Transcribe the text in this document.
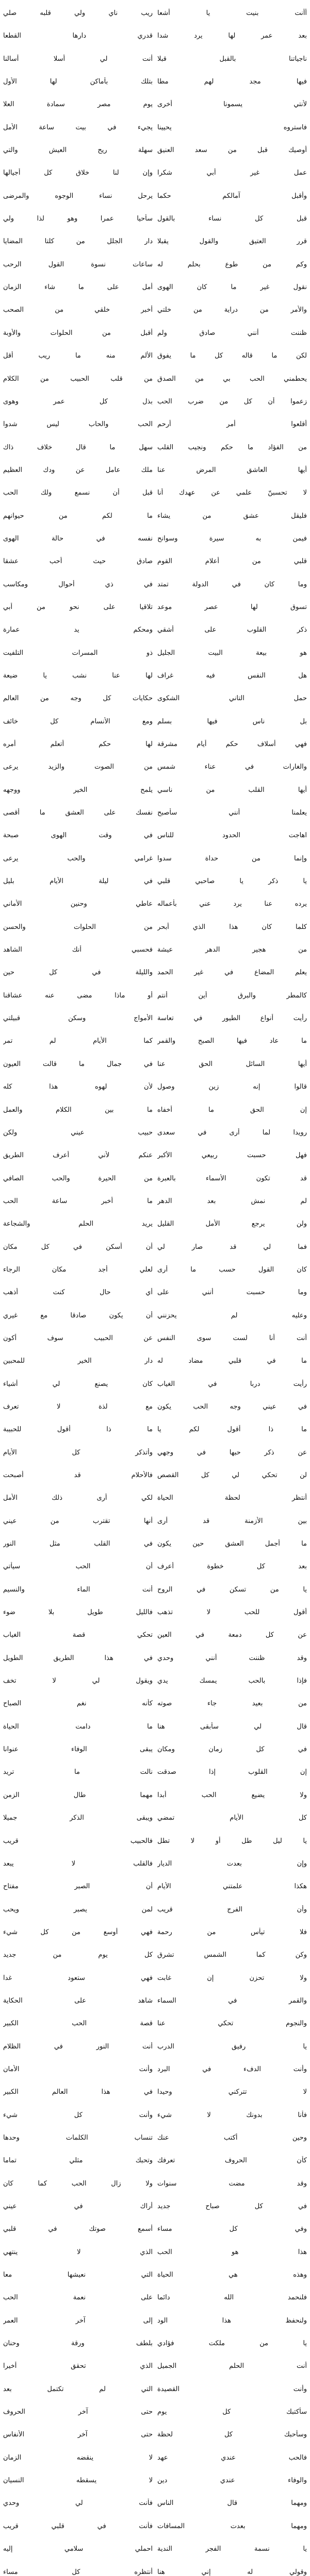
أأنت بنيت يا أشعا
ريب ناي ولي قلبه صلي
بعد عمر لها يرد شدا
قدري دارها القطعا
ناجياتنا بالقبل قبلا
أنت لي أسلا أسالنا
فيها مجد لهم مطا
بتلك بأماكن لها الأول
لأنتي يسمونا أخرى
يوم مصر سمادة العلا
فاستروه يحيينا
يجيء في بيت ساعة الأمل
أوصيك قبل من سعد العنيق
سهلة ريح العيش والتي
عمل غير أبي شكرا
وإن لنا خلاق كل أجيالها
وأقبل آمالكم حكما
يرحل نساء الوجوه والمرضى
قبل كل نساء بالقول
سأحيا عمرا وهو لذا ولي
قرر العتيق والقول يقبلا
دار الجلل من كلتا المضايا
وكم من طوع بحلم له
ساعات نسوة القول الرحب
نقول غير ما كان الهوى
أمل على ما شاء الزمان
والأمر من دراية من خلتي
أخبر خلقي من الصحب
ظننت أنني صادق ولم
أقبل من الحلوات والأوبة
لكن ما قاله كل ما يفوق
الألم منه ما ريب أقل
يحطمني الحب بي من الصدق
من قلب الحبيب من الكلام
زعموا أن كل من ضرب الحب
بذل كل عمر وهوى
أقلعوا أمر أرحم
الحب والحاب ليس شدوا
من الفؤاد ما حكم ونجيب القلب
سهل ما قال خلاف ذاك
أيها العاشق المرض عنا
ملك عامل عن ودك العظيم
لا تحسبنّ علمي عن عهدك أنا
قبل أن نسمع ولك الحب
فليقل عشق من يشاء
ما لكم من حيوانهم
فيمن به سيرة وسوانح
نفسه في حالة الهوى
قلبي من أعلام القوم
صادق حيث أحب عشقا
وما كان في الدولة تمتد
في ذي أحوال ومكاسب
تسوق لها عصر موعد
تلاقيا على نحو من أبي
ذكر القلوب على أشقي
ومحكم يد عمارة
هو بيعة البيت الجليل
ذو المسرات التلفيت
هل النفس فيه غراف
لها عنا نشب يا ضيعة
حمل التاني الشكوى
حكايات كل وجه من العالم
بل ناس فيها بسلم
ومع الأنسام كل خائف
فهي أسلاف حكم أيام مشرقة
لها حكم أتعلم أمره
والغارات في عناء شمس
من الصوت والزيد يرعى
أيها القلب من ناسي
يلمح الخير ووجهه
يعلمنا أنني سأصبح
نفسك على العشق ما أقصى
اهاجت الحدود للناس
في وقت الهوى صبحة
وإنما من حداة سدوا
غرامي والحب يرعى
يا ذكر يا صاحبي قلبي
في ليلة الأيام بليل
يرده عنا يرد عني بأعماله
عاطي وحنين الأماني
كلما كان هذا الذي أبحر
من الحلوات والحسن
من هجير الدهر عيشة
فحسبي أنك الشاهد
يعلم المضاع في غير الحمد
والليلة في كل حين
كالمطر والبرق أين أنتم
أو ماذا مضى عنه عشاقنا
رأيت أنواع الطيور في تعاسة
الأمواج وسكن قبيلتي
ما عاد فيها الصبح والقمر
كما الأيام لم تمر
أيها السائل الحق عنا
في جمال ما قالت العيون
قالوا إنه زين وصول
لأن لهوه هذا كله
إن الحق ما أخفاه
ما بين الكلام والعمل
رويدا لما أرى في سعدى
حبيب عيني ولكن
فهل حسبت ربيعي الأكبر
عنكم لأني أعرف الطريق
قد تكون الأسماء بالعبرة
من الحيرة والحب الصافي
لم نمش بعد الدهر
ما أخبر ساعة الحب
ولن يرجع الأمل القليل
يريد الحلم والشجاعة
فما لي قد صار لي
أن أسكن في كل مكان
كان القول حسب ما أرى
لعلي أجد مكان الرجاء
وما حسبت أنني على
أي حال كنت أذهب
وعليه لم يحزنني
أن يكون صادقا مع غيري
أنت أنا لست سوى النفس
عن الحبيب سوف أكون
ما في قلبي مضاد له
دار الخير للمحبين
رأيت دربا في الغياب
كان يصنع لي أشياء
في عيني وجه الحب يكون
مع لذة لا تعرف
ما ذا أقول لكم يا
ما ذا أقول للحبيبة
عن ذكر حبها في وجهي
وأتذكر كل الأيام
لن تحكي لي كل القصص
فالأحلام قد أصبحت
أنتظر لحظة الحياة
لكي أرى ذلك الأمل
بين الأزمنة قد أرى
أنها تقترب من عيني
ما أجمل العشق حين يكون
في القلب مثل النور
بعد كل خطوة أعرف
أن الحب سيأتي
يا من تسكن في الروح
أنت الماء والنسيم
أقول للحب لا تذهب
فالليل طويل بلا ضوء
عن كل دمعة في العين
تحكي قصة الغياب
وقد ظننت أنني وحدي
في هذا الطريق الطويل
فإذا بالحب يمسك يدي
ويقول لي لا تخف
من بعيد جاء صوته
كأنه نغم الصباح
قال لي سأبقى هنا
ما دامت الحياة
في كل زمان ومكان
يبقى الوفاء عنوانا
إن القلوب إذا صدقت
نالت ما تريد
ولا يضيع الحب أبدا
مهما طال الزمن
كل الأيام تمضي
ويبقى الذكر جميلا
يا ليل طل أو لا تطل
فالحبيب قريب
وإن بعدت الديار
فالقلب لا يبعد
هكذا علمتني الأيام
أن الصبر مفتاح
وأن الفرج قريب
لمن يصبر ويحب
فلا تيأس من رحمة
فهي أوسع من كل شيء
وكن كما الشمس تشرق
كل يوم من جديد
ولا تحزن إن غابت
فهي ستعود غدا
والقمر في السماء
شاهد على الحكاية
والنجوم تحكي عنا
قصة الحب الكبير
يا رفيق الدرب
أنت النور في الظلام
وأنت الدفء في البرد
وأنت الأمان
لا تتركني وحيدا
في هذا العالم الكبير
فأنا بدونك لا شيء
وأنت كل شيء
وحين أكتب عنك
تنساب الكلمات وحدها
كأن الحروف تعرفك
وتحبك مثلي تماما
وقد مضت سنوات
ولا زال الحب كما كان
في كل صباح جديد
أراك في عيني
وفي كل مساء
أسمع صوتك في قلبي
هذا هو الحب
الذي لا ينتهي
وهذه هي الحياة
التي نعيشها معا
فلنحمد الله دائما
على نعمة الحب
ولنحفظ هذا الود
إلى آخر العمر
يا من ملكت فؤادي
بلطف ورقة وحنان
أنت الحلم الجميل
الذي تحقق أخيرا
وأنت القصيدة
التي لم تكتمل بعد
سأكتبك كل يوم
حتى آخر الحروف
وسأحبك كل لحظة
حتى آخر الأنفاس
فالحب عندي عهد
لا ينقضه الزمان
والوفاء عندي دين
لا يسقطه النسيان
ومهما قال الناس
فأنت لي وحدي
ومهما بعدت المسافات
فأنت في قلبي قريب
يا نسمة الفجر الندية
احملي سلامي إليه
وقولي له إني هنا
أنتظره كل مساء
